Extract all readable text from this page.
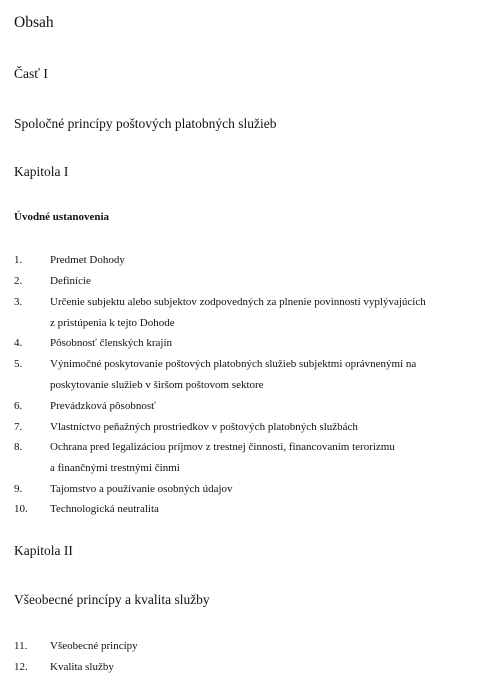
Obsah
Časť I
Spoločné princípy poštových platobných služieb
Kapitola I
Úvodné ustanovenia
1.	Predmet Dohody
2.	Definície
3.	Určenie subjektu alebo subjektov zodpovedných za plnenie povinností vyplývajúcich
z pristúpenia k tejto Dohode
4.	Pôsobnosť členských krajín
5.	Výnimočné poskytovanie poštových platobných služieb subjektmi oprávnenými na
poskytovanie služieb v širšom poštovom sektore
6.	Prevádzková pôsobnosť
7.	Vlastníctvo peňažných prostriedkov v poštových platobných službách
8.	Ochrana pred legalizáciou príjmov z trestnej činnosti, financovaním terorizmu
a finančnými trestnými činmi
9.	Tajomstvo a používanie osobných údajov
10. Technologická neutralita
Kapitola II
Všeobecné princípy a kvalita služby
11. Všeobecné princípy
12. Kvalita služby
